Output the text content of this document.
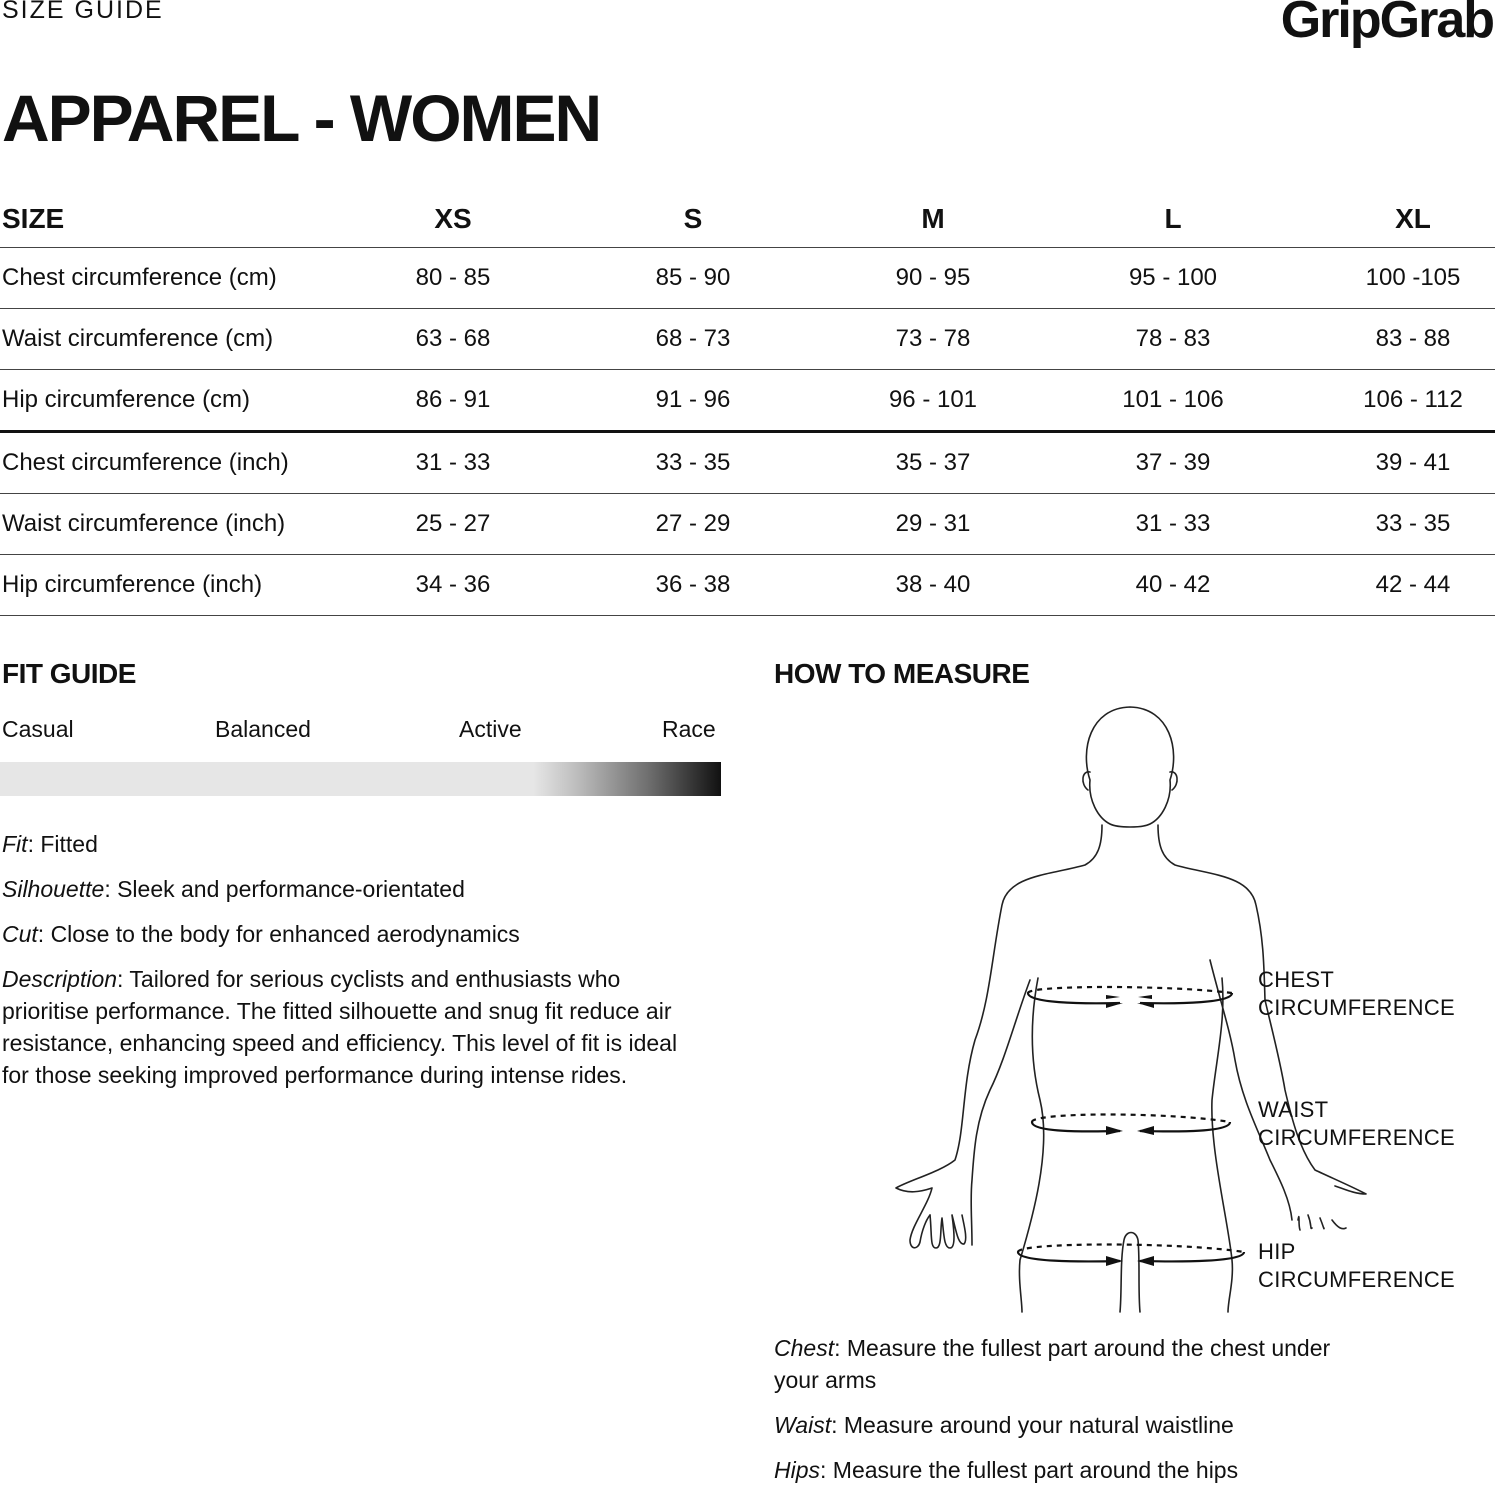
SIZE GUIDE	GripGrab
APPAREL - WOMEN
SIZE	XS	S	M	L	XL
Chest circumference (cm)	80 - 85	85 - 90	90 - 95	95 - 100	100 -105
Waist circumference (cm)	63 - 68	68 - 73	73 - 78	78 - 83	83 - 88
Hip circumference (cm)	86 - 91	91 - 96	96 - 101	101 - 106	106 - 112
Chest circumference (inch)	31 - 33	33 - 35	35 - 37	37 - 39	39 - 41
Waist circumference (inch)	25 - 27	27 - 29	29 - 31	31 - 33	33 - 35
Hip circumference (inch)	34 - 36	36 - 38	38 - 40	40 - 42	42 - 44
FIT GUIDE
Casual	Balanced	Active	Race
Fit: Fitted
Silhouette: Sleek and performance-orientated
Cut: Close to the body for enhanced aerodynamics
Description: Tailored for serious cyclists and enthusiasts who prioritise performance. The fitted silhouette and snug fit reduce air resistance, enhancing speed and efficiency. This level of fit is ideal for those seeking improved performance during intense rides.
HOW TO MEASURE
CHEST
CIRCUMFERENCE
WAIST
CIRCUMFERENCE
HIP
CIRCUMFERENCE
Chest: Measure the fullest part around the chest under your arms
Waist: Measure around your natural waistline
Hips: Measure the fullest part around the hips
